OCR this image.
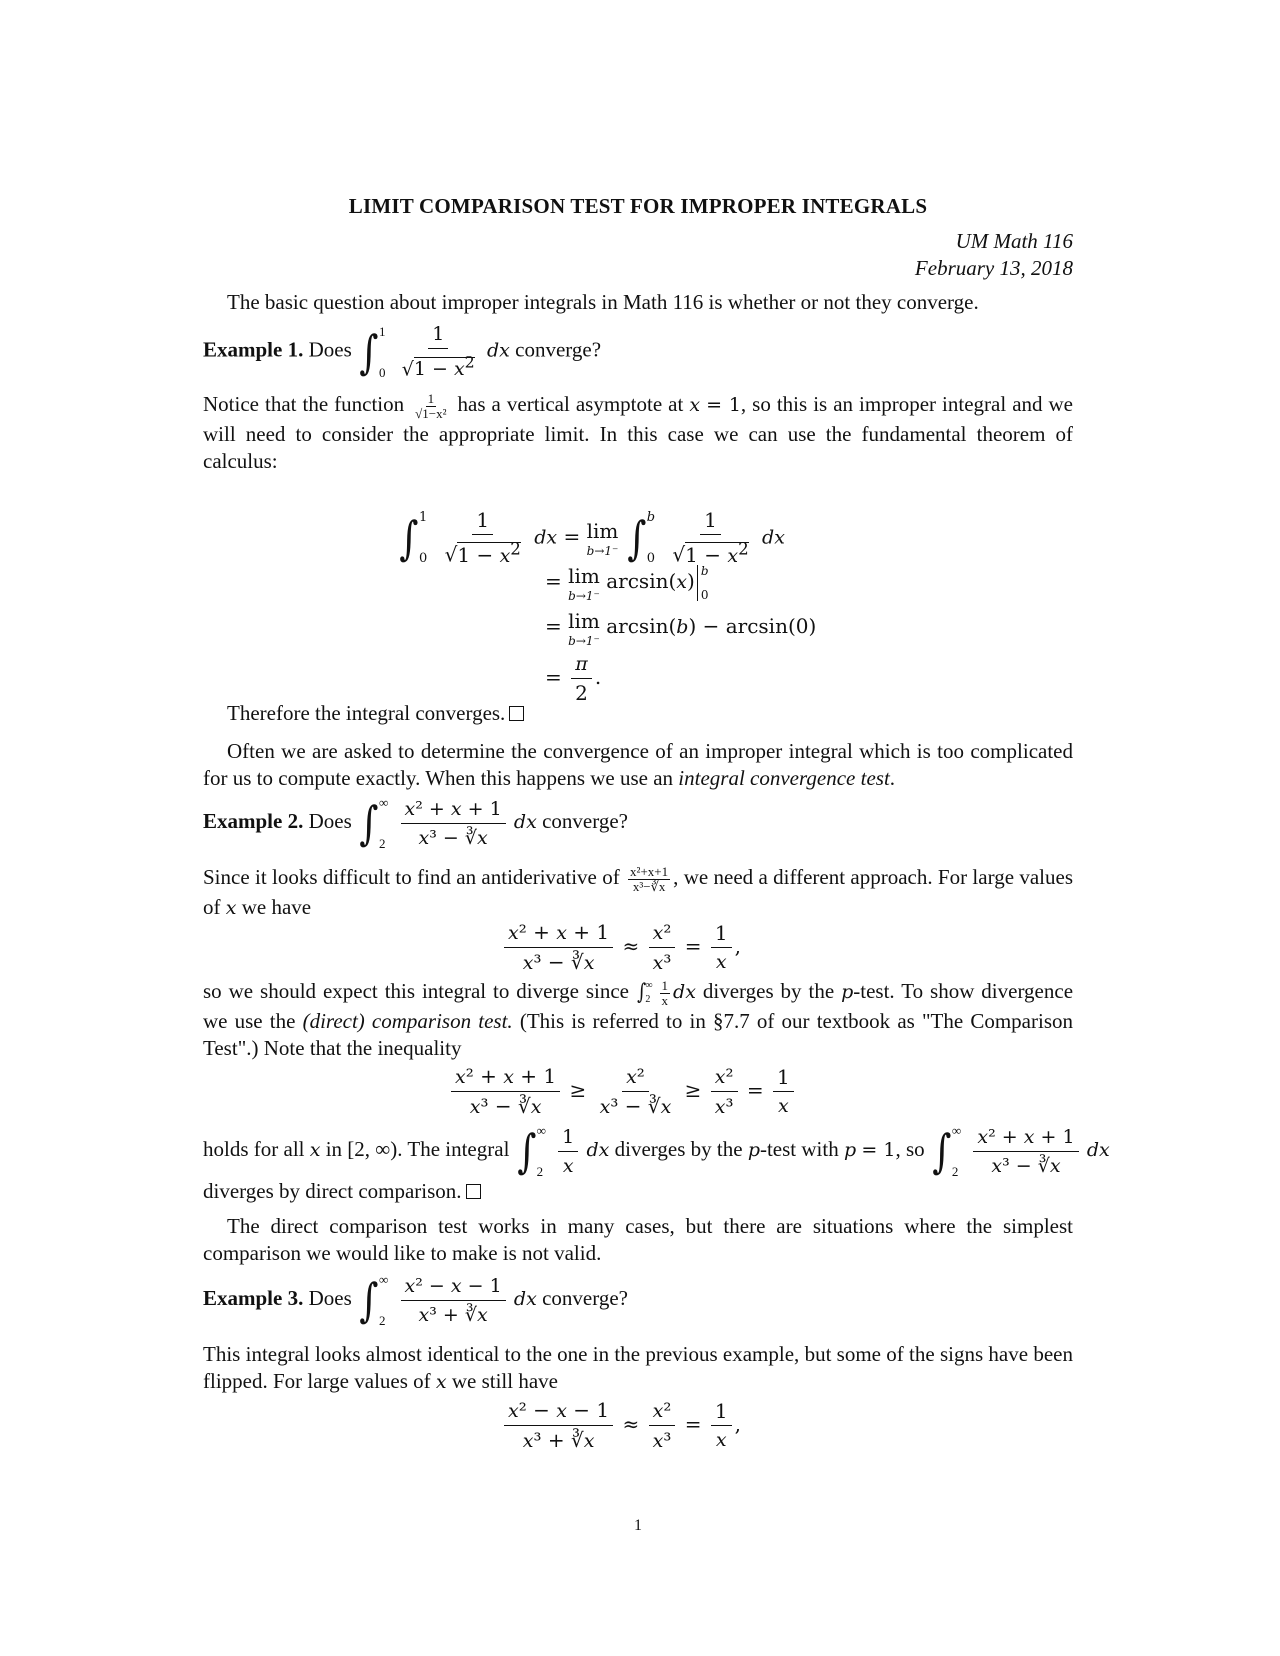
LIMIT COMPARISON TEST FOR IMPROPER INTEGRALS
UM Math 116
February 13, 2018
The basic question about improper integrals in Math 116 is whether or not they converge.
Example 1. Does ∫ 1
0
$\frac{1}{√1 - x^2}$ dx converge?
Notice that the function $\frac{1}{\text{√1−x²}}$ has a vertical asymptote at x = 1, so this is an improper integral and we will need to consider the appropriate limit. In this case we can use the fundamental theorem of calculus:
∫ 1
0
$\frac{1}{√1 - x^2}$ dx = lim
b→1⁻
∫ b
0
$\frac{1}{√1 - x^2}$ dx
= lim
b→1⁻
arcsin(x) b
0
= lim
b→1⁻
arcsin(b) − arcsin(0)
= $\frac{\pi}{2}$ .
Therefore the integral converges.
Often we are asked to determine the convergence of an improper integral which is too complicated for us to compute exactly. When this happens we use an integral convergence test.
Example 2. Does ∫ ∞
2
$\frac{\text{x² + x + 1}}{\text{x³ − ∛x}}$ dx converge?
Since it looks difficult to find an antiderivative of $\frac{\text{x²+x+1}}{\text{x³−∛x}}$ , we need a different approach. For large values of x we have
$\frac{\text{x² + x + 1}}{\text{x³ − ∛x}} \approx \frac{\text{x²}}{\text{x³}} = \frac{1}{x}$ ,
so we should expect this integral to diverge since ∫ ∞
$2 \frac{1}{x}$ dx diverges by the p-test. To show divergence we use the (direct) comparison test. (This is referred to in §7.7 of our textbook as "The Comparison Test".) Note that the inequality
$\frac{\text{x² + x + 1}}{\text{x³ − ∛x}} \ge \frac{\text{x²}}{\text{x³ − ∛x}} \ge \frac{\text{x²}}{\text{x³}} = \frac{1}{x}$
holds for all x in [2, ∞). The integral ∫ ∞
2
$\frac{1}{x}$ dx diverges by the p-test with p = 1, so ∫ ∞
2
$\frac{\text{x² + x + 1}}{\text{x³ − ∛x}}$ dx
diverges by direct comparison.
The direct comparison test works in many cases, but there are situations where the simplest comparison we would like to make is not valid.
Example 3. Does ∫ ∞
2
$\frac{\text{x² − x − 1}}{\text{x³ + ∛x}}$ dx converge?
This integral looks almost identical to the one in the previous example, but some of the signs have been flipped. For large values of x we still have
$\frac{\text{x² − x − 1}}{\text{x³ + ∛x}} \approx \frac{\text{x²}}{\text{x³}} = \frac{1}{x}$ ,
1
